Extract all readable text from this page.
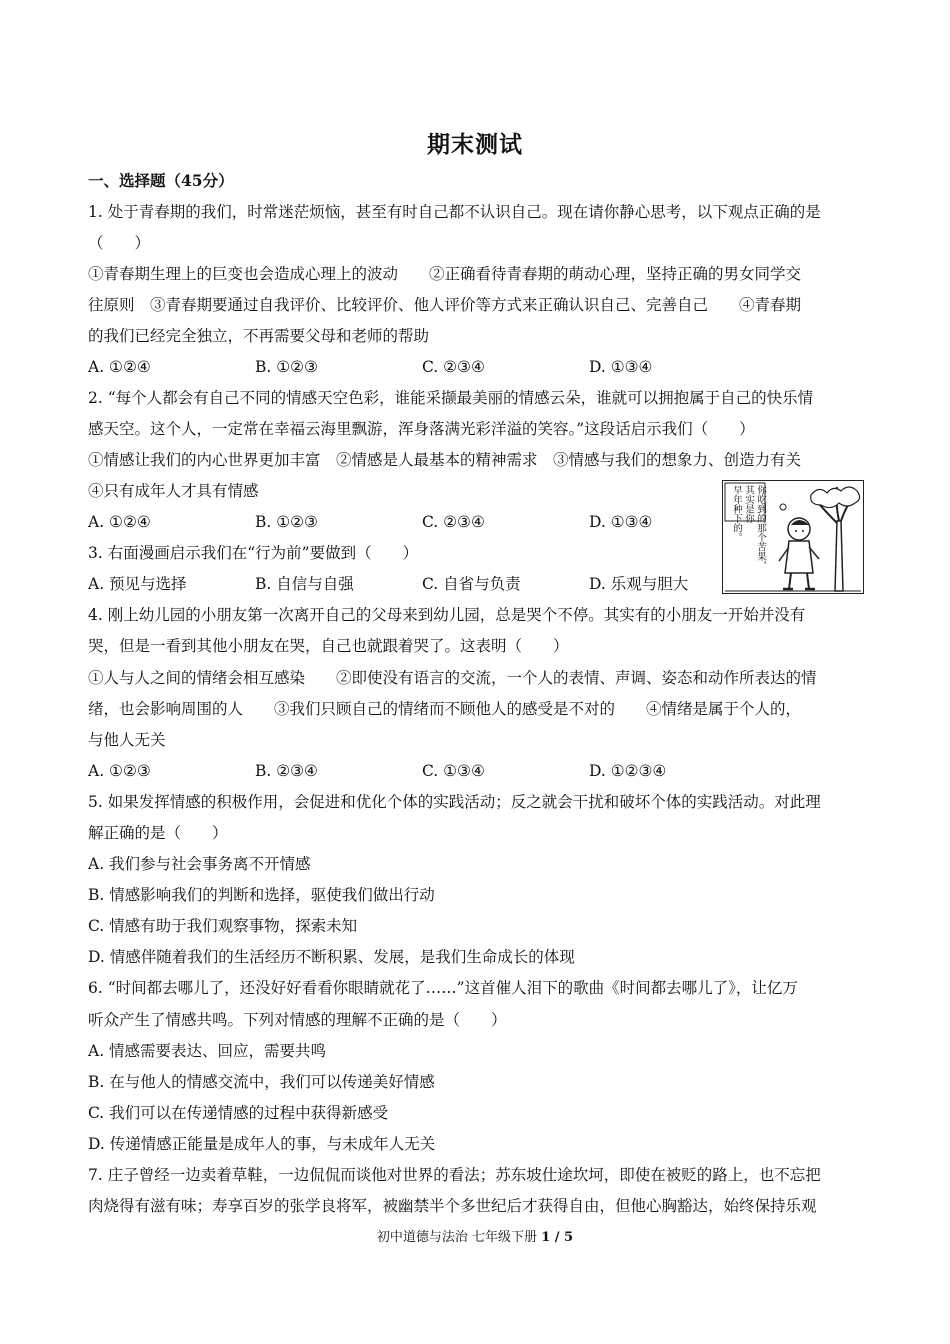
期末测试
一、选择题（45分）
1. 处于青春期的我们，时常迷茫烦恼，甚至有时自己都不认识自己。现在请你静心思考，以下观点正确的是
（　　）
①青春期生理上的巨变也会造成心理上的波动　　②正确看待青春期的萌动心理，坚持正确的男女同学交
往原则　③青春期要通过自我评价、比较评价、他人评价等方式来正确认识自己、完善自己　　④青春期
的我们已经完全独立，不再需要父母和老师的帮助
A. ①②④	B. ①②③	C. ②③④	D. ①③④
2. “每个人都会有自己不同的情感天空色彩，谁能采撷最美丽的情感云朵，谁就可以拥抱属于自己的快乐情
感天空。这个人，一定常在幸福云海里飘游，浑身落满光彩洋溢的笑容。”这段话启示我们（　　）
①情感让我们的内心世界更加丰富　②情感是人最基本的精神需求　③情感与我们的想象力、创造力有关
④只有成年人才具有情感
A. ①②④	B. ①②③	C. ②③④	D. ①③④	早年种下的。 其实是你 你吃到的那个苦果，
3. 右面漫画启示我们在“行为前”要做到（　　）
A. 预见与选择	B. 自信与自强	C. 自省与负责	D. 乐观与胆大
4. 刚上幼儿园的小朋友第一次离开自己的父母来到幼儿园，总是哭个不停。其实有的小朋友一开始并没有
哭，但是一看到其他小朋友在哭，自己也就跟着哭了。这表明（　　）
①人与人之间的情绪会相互感染　　②即使没有语言的交流，一个人的表情、声调、姿态和动作所表达的情
绪，也会影响周围的人　　③我们只顾自己的情绪而不顾他人的感受是不对的　　④情绪是属于个人的，
与他人无关
A. ①②③	B. ②③④	C. ①③④	D. ①②③④
5. 如果发挥情感的积极作用，会促进和优化个体的实践活动；反之就会干扰和破坏个体的实践活动。对此理
解正确的是（　　）
A. 我们参与社会事务离不开情感
B. 情感影响我们的判断和选择，驱使我们做出行动
C. 情感有助于我们观察事物，探索未知
D. 情感伴随着我们的生活经历不断积累、发展，是我们生命成长的体现
6. “时间都去哪儿了，还没好好看看你眼睛就花了……”这首催人泪下的歌曲《时间都去哪儿了》，让亿万
听众产生了情感共鸣。下列对情感的理解不正确的是（　　）
A. 情感需要表达、回应，需要共鸣
B. 在与他人的情感交流中，我们可以传递美好情感
C. 我们可以在传递情感的过程中获得新感受
D. 传递情感正能量是成年人的事，与未成年人无关
7. 庄子曾经一边卖着草鞋，一边侃侃而谈他对世界的看法；苏东坡仕途坎坷，即使在被贬的路上，也不忘把
肉烧得有滋有味；寿享百岁的张学良将军，被幽禁半个多世纪后才获得自由，但他心胸豁达，始终保持乐观
初中道德与法治 七年级下册 1 / 5
